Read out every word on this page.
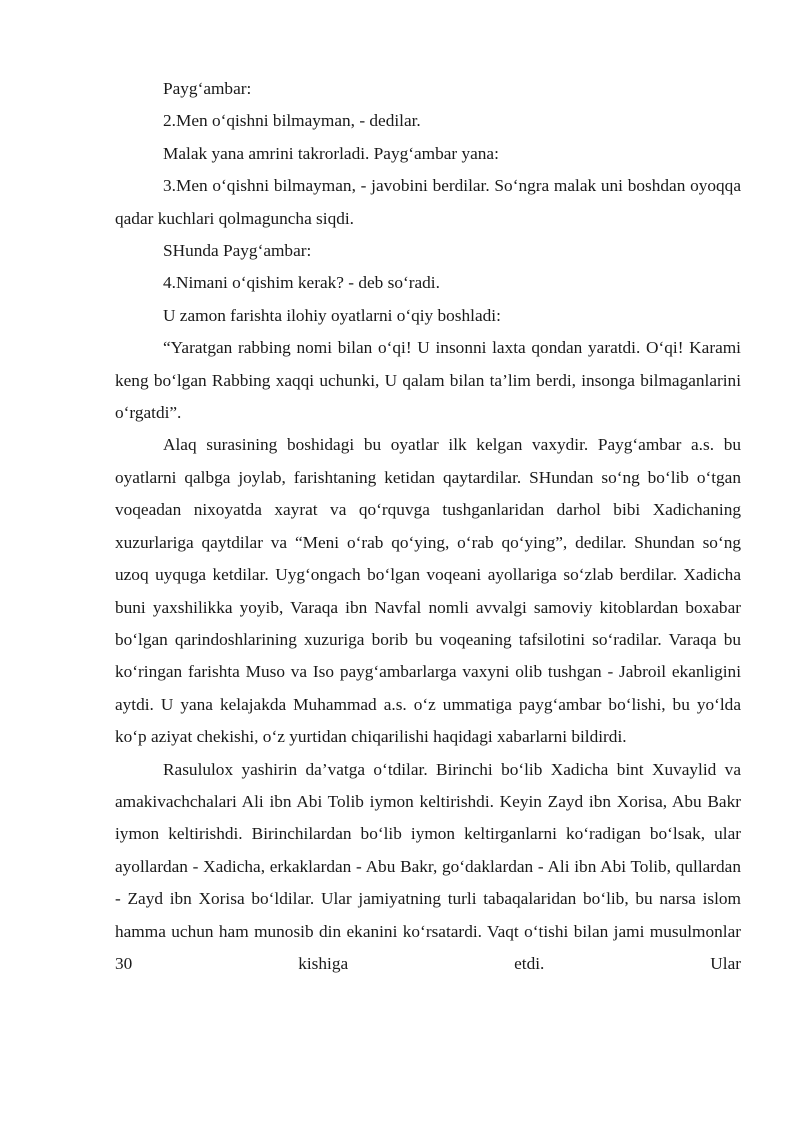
Payg‘ambar:

2.Men o‘qishni bilmayman, - dedilar.

Malak yana amrini takrorladi. Payg‘ambar yana:

3.Men o‘qishni bilmayman, - javobini berdilar. So‘ngra malak uni boshdan oyoqqa qadar kuchlari qolmaguncha siqdi.

SHunda Payg‘ambar:

4.Nimani o‘qishim kerak? - deb so‘radi.

U zamon farishta ilohiy oyatlarni o‘qiy boshladi:

“Yaratgan rabbing nomi bilan o‘qi! U insonni laxta qondan yaratdi. O‘qi! Karami keng bo‘lgan Rabbing xaqqi uchunki, U qalam bilan ta’lim berdi, insonga bilmaganlarini o‘rgatdi”.

Alaq surasining boshidagi bu oyatlar ilk kelgan vaxydir. Payg‘ambar a.s. bu oyatlarni qalbga joylab, farishtaning ketidan qaytardilar. SHundan so‘ng bo‘lib o‘tgan voqeadan nixoyatda xayrat va qo‘rquvga tushganlaridan darhol bibi Xadichaning xuzurlariga qaytdilar va “Meni o‘rab qo‘ying, o‘rab qo‘ying”, dedilar. Shundan so‘ng uzoq uyquga ketdilar. Uyg‘ongach bo‘lgan voqeani ayollariga so‘zlab berdilar. Xadicha buni yaxshilikka yoyib, Varaqa ibn Navfal nomli avvalgi samoviy kitoblardan boxabar bo‘lgan qarindoshlarining xuzuriga borib bu voqeaning tafsilotini so‘radilar. Varaqa bu ko‘ringan farishta Muso va Iso payg‘ambarlarga vaxyni olib tushgan - Jabroil ekanligini aytdi. U yana kelajakda Muhammad a.s. o‘z ummatiga payg‘ambar bo‘lishi, bu yo‘lda ko‘p aziyat chekishi, o‘z yurtidan chiqarilishi haqidagi xabarlarni bildirdi.

Rasululox yashirin da’vatga o‘tdilar. Birinchi bo‘lib Xadicha bint Xuvaylid va amakivachchalari Ali ibn Abi Tolib iymon keltirishdi. Keyin Zayd ibn Xorisa, Abu Bakr iymon keltirishdi. Birinchilardan bo‘lib iymon keltirganlarni ko‘radigan bo‘lsak, ular ayollardan - Xadicha, erkaklardan - Abu Bakr, go‘daklardan - Ali ibn Abi Tolib, qullardan - Zayd ibn Xorisa bo‘ldilar. Ular jamiyatning turli tabaqalaridan bo‘lib, bu narsa islom hamma uchun ham munosib din ekanini ko‘rsatardi. Vaqt o‘tishi bilan jami musulmonlar 30 kishiga etdi. Ular
